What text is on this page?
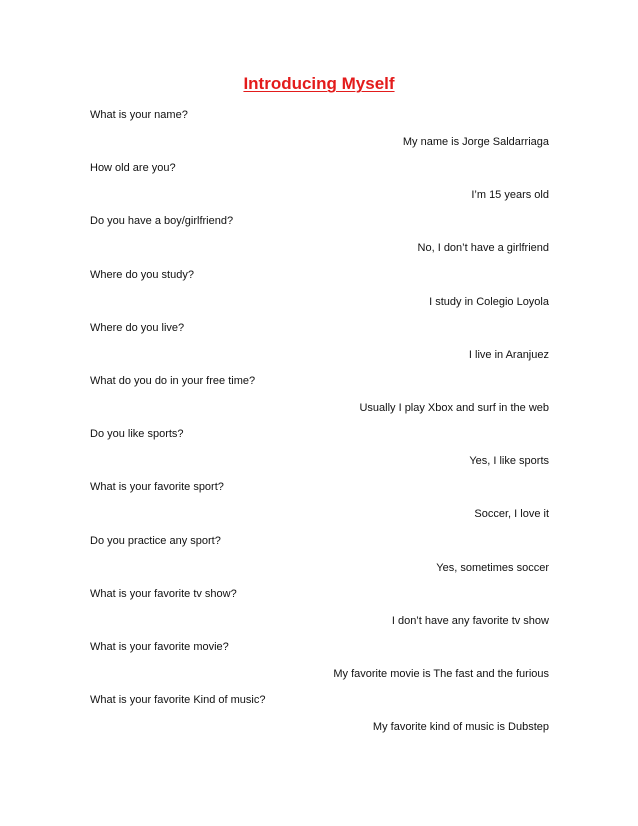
Introducing Myself
What is your name?
My name is Jorge Saldarriaga
How old are you?
I’m 15 years old
Do you have a boy/girlfriend?
No, I don’t have a girlfriend
Where do you study?
I study in Colegio Loyola
Where do you live?
I live in Aranjuez
What do you do in your free time?
Usually I play Xbox and surf in the web
Do you like sports?
Yes, I like sports
What is your favorite sport?
Soccer, I love it
Do you practice any sport?
Yes, sometimes soccer
What is your favorite tv show?
I don’t have any favorite tv show
What is your favorite movie?
My favorite movie is The fast and the furious
What is your favorite Kind of music?
My favorite kind of music is Dubstep
